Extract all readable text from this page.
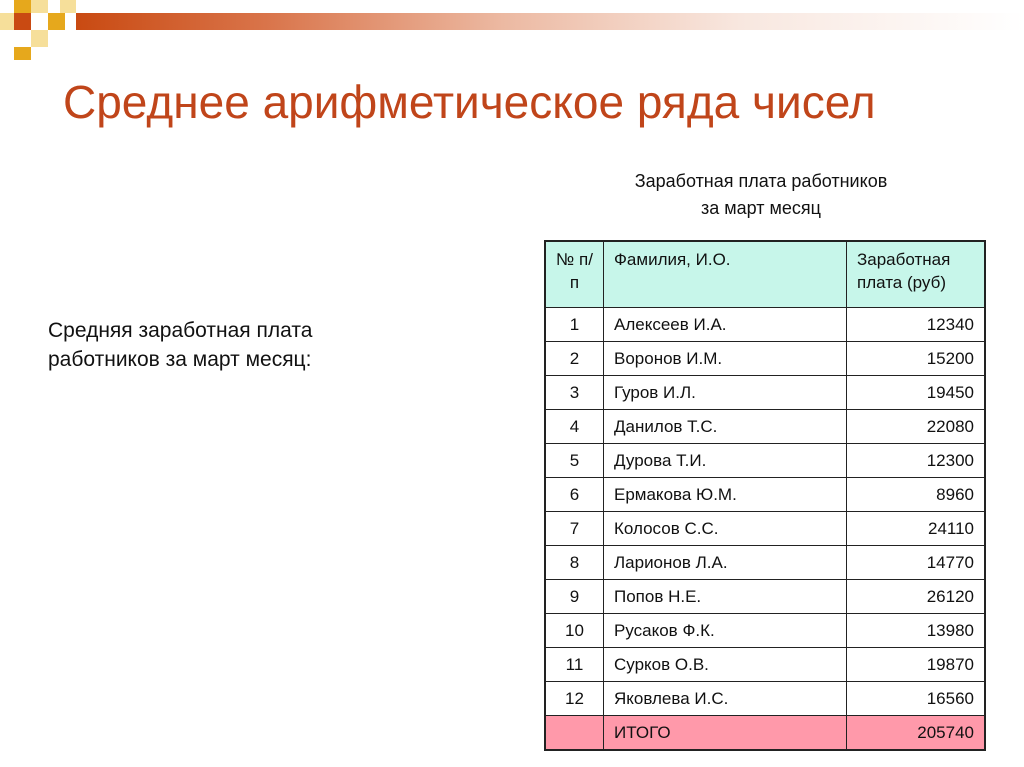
Среднее арифметическое ряда чисел
Средняя заработная плата работников за март месяц:
Заработная плата работников
за март месяц
№ п/п	Фамилия, И.О.	Заработная плата (руб)
1	Алексеев И.А.	12340
2	Воронов И.М.	15200
3	Гуров И.Л.	19450
4	Данилов Т.С.	22080
5	Дурова Т.И.	12300
6	Ермакова Ю.М.	8960
7	Колосов С.С.	24110
8	Ларионов Л.А.	14770
9	Попов Н.Е.	26120
10	Русаков Ф.К.	13980
11	Сурков О.В.	19870
12	Яковлева И.С.	16560
	ИТОГО	205740
